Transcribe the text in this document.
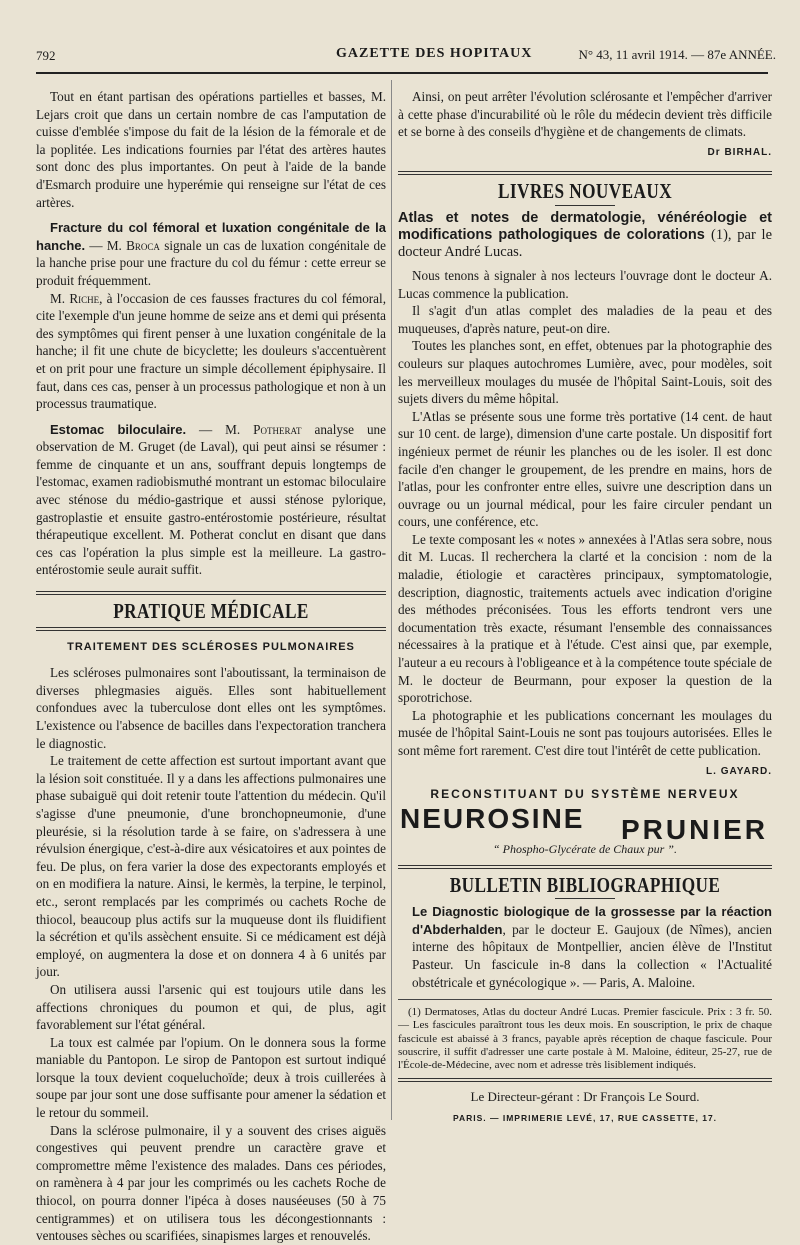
792	GAZETTE DES HOPITAUX	N° 43, 11 avril 1914. — 87e ANNÉE.

Tout en étant partisan des opérations partielles et basses, M. Lejars croit que dans un certain nombre de cas l'amputation de cuisse d'emblée s'impose du fait de la lésion de la fémorale et de la poplitée. Les indications fournies par l'état des artères hautes sont donc des plus importantes. On peut à l'aide de la bande d'Esmarch produire une hyperémie qui renseigne sur l'état de ces artères.

Fracture du col fémoral et luxation congénitale de la hanche. — M. Broca signale un cas de luxation congénitale de la hanche prise pour une fracture du col du fémur : cette erreur se produit fréquemment.

M. Riche, à l'occasion de ces fausses fractures du col fémoral, cite l'exemple d'un jeune homme de seize ans et demi qui présenta des symptômes qui firent penser à une luxation congénitale de la hanche; il fit une chute de bicyclette; les douleurs s'accentuèrent et on prit pour une fracture un simple décollement épiphysaire. Il faut, dans ces cas, penser à un processus pathologique et non à un processus traumatique.

Estomac biloculaire. — M. Potherat analyse une observation de M. Gruget (de Laval), qui peut ainsi se résumer : femme de cinquante et un ans, souffrant depuis longtemps de l'estomac, examen radiobismuthé montrant un estomac biloculaire avec sténose du médio-gastrique et aussi sténose pylorique, gastroplastie et ensuite gastro-entérostomie postérieure, résultat thérapeutique excellent. M. Potherat conclut en disant que dans ces cas l'opération la plus simple est la meilleure. La gastro-entérostomie seule aurait suffit.

PRATIQUE MÉDICALE
TRAITEMENT DES SCLÉROSES PULMONAIRES

Les scléroses pulmonaires sont l'aboutissant, la terminaison de diverses phlegmasies aiguës. Elles sont habituellement confondues avec la tuberculose dont elles ont les symptômes. L'existence ou l'absence de bacilles dans l'expectoration tranchera le diagnostic.

Le traitement de cette affection est surtout important avant que la lésion soit constituée. Il y a dans les affections pulmonaires une phase subaiguë qui doit retenir toute l'attention du médecin. Qu'il s'agisse d'une pneumonie, d'une bronchopneumonie, d'une pleurésie, si la résolution tarde à se faire, on s'adressera à une révulsion énergique, c'est-à-dire aux vésicatoires et aux pointes de feu. De plus, on fera varier la dose des expectorants employés et on en modifiera la nature. Ainsi, le kermès, la terpine, le terpinol, etc., seront remplacés par les comprimés ou cachets Roche de thiocol, beaucoup plus actifs sur la muqueuse dont ils fluidifient la sécrétion et qu'ils assèchent ensuite. Si ce médicament est déjà employé, on augmentera la dose et on donnera 4 à 6 unités par jour.

On utilisera aussi l'arsenic qui est toujours utile dans les affections chroniques du poumon et qui, de plus, agit favorablement sur l'état général.

La toux est calmée par l'opium. On le donnera sous la forme maniable du Pantopon. Le sirop de Pantopon est surtout indiqué lorsque la toux devient coqueluchoïde; deux à trois cuillerées à soupe par jour sont une dose suffisante pour amener la sédation et le retour du sommeil.

Dans la sclérose pulmonaire, il y a souvent des crises aiguës congestives qui peuvent prendre un caractère grave et compromettre même l'existence des malades. Dans ces périodes, on ramènera à 4 par jour les comprimés ou les cachets Roche de thiocol, on pourra donner l'ipéca à doses nauséeuses (50 à 75 centigrammes) et on utilisera tous les décongestionnants : ventouses sèches ou scarifiées, sinapismes larges et renouvelés.

Ainsi, on peut arrêter l'évolution sclérosante et l'empêcher d'arriver à cette phase d'incurabilité où le rôle du médecin devient très difficile et se borne à des conseils d'hygiène et de changements de climats.
Dr BIRHAL.

LIVRES NOUVEAUX

Atlas et notes de dermatologie, vénéréologie et modifications pathologiques de colorations (1), par le docteur André Lucas.

Nous tenons à signaler à nos lecteurs l'ouvrage dont le docteur A. Lucas commence la publication.

Il s'agit d'un atlas complet des maladies de la peau et des muqueuses, d'après nature, peut-on dire.

Toutes les planches sont, en effet, obtenues par la photographie des couleurs sur plaques autochromes Lumière, avec, pour modèles, soit les merveilleux moulages du musée de l'hôpital Saint-Louis, soit des sujets divers du même hôpital.

L'Atlas se présente sous une forme très portative (14 cent. de haut sur 10 cent. de large), dimension d'une carte postale. Un dispositif fort ingénieux permet de réunir les planches ou de les isoler. Il est donc facile d'en changer le groupement, de les prendre en mains, hors de l'atlas, pour les confronter entre elles, suivre une description dans un ouvrage ou un journal médical, pour les faire circuler pendant un cours, une conférence, etc.

Le texte composant les « notes » annexées à l'Atlas sera sobre, nous dit M. Lucas. Il recherchera la clarté et la concision : nom de la maladie, étiologie et caractères principaux, symptomatologie, description, diagnostic, traitements actuels avec indication d'origine des méthodes préconisées. Tous les efforts tendront vers une documentation très exacte, résumant l'ensemble des connaissances nécessaires à la pratique et à l'étude. C'est ainsi que, par exemple, l'auteur a eu recours à l'obligeance et à la compétence toute spéciale de M. le docteur de Beurmann, pour exposer la question de la sporotrichose.

La photographie et les publications concernant les moulages du musée de l'hôpital Saint-Louis ne sont pas toujours autorisées. Elles le sont même fort rarement. C'est dire tout l'intérêt de cette publication.
L. GAYARD.

RECONSTITUANT DU SYSTÈME NERVEUX
NEUROSINE	PRUNIER
“ Phospho-Glycérate de Chaux pur ”.
BULLETIN BIBLIOGRAPHIQUE

Le Diagnostic biologique de la grossesse par la réaction d'Abderhalden, par le docteur E. Gaujoux (de Nîmes), ancien interne des hôpitaux de Montpellier, ancien élève de l'Institut Pasteur. Un fascicule in-8 dans la collection « l'Actualité obstétricale et gynécologique ». — Paris, A. Maloine.

(1) Dermatoses, Atlas du docteur André Lucas. Premier fascicule. Prix : 3 fr. 50. — Les fascicules paraîtront tous les deux mois. En souscription, le prix de chaque fascicule est abaissé à 3 francs, payable après réception de chaque fascicule. Pour souscrire, il suffit d'adresser une carte postale à M. Maloine, éditeur, 25-27, rue de l'École-de-Médecine, avec nom et adresse très lisiblement indiqués.

Le Directeur-gérant : Dr François Le Sourd.
PARIS. — IMPRIMERIE LEVÉ, 17, RUE CASSETTE, 17.
